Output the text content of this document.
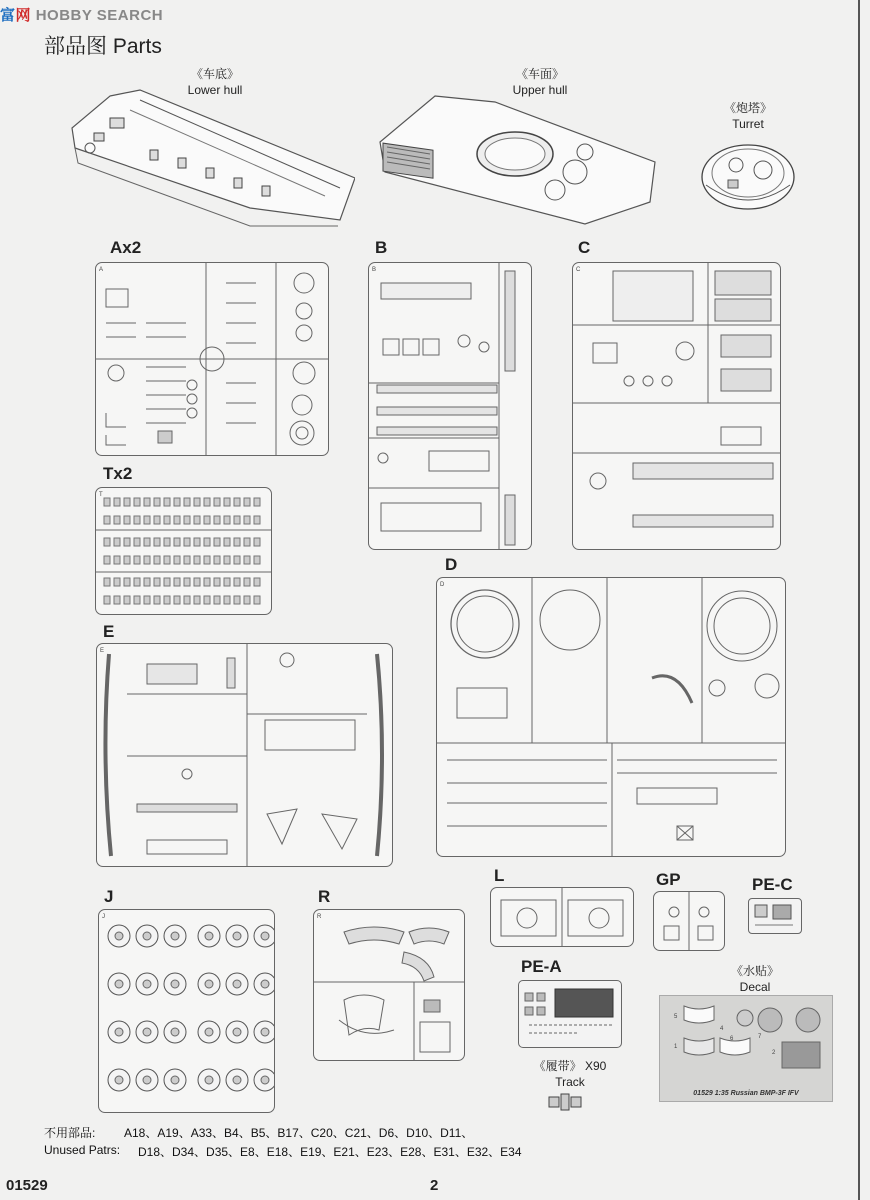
富网 HOBBY SEARCH
部品图 Parts
《车底》
Lower hull
《车面》
Upper hull
《炮塔》
Turret
Ax2
A
B
B
C
C
Tx2
T
D
D
E
E
J
J
R
R
L	GP	PE-C
PE-A	《水贴》
Decal
5
4
6	7
1
2
01529 1:35 Russian BMP-3F IFV
《履带》 X90
Track
不用部品: A18、A19、A33、B4、B5、B17、C20、C21、D6、D10、D11、
Unused Patrs: D18、D34、D35、E8、E18、E19、E21、E23、E28、E31、E32、E34
01529	2
